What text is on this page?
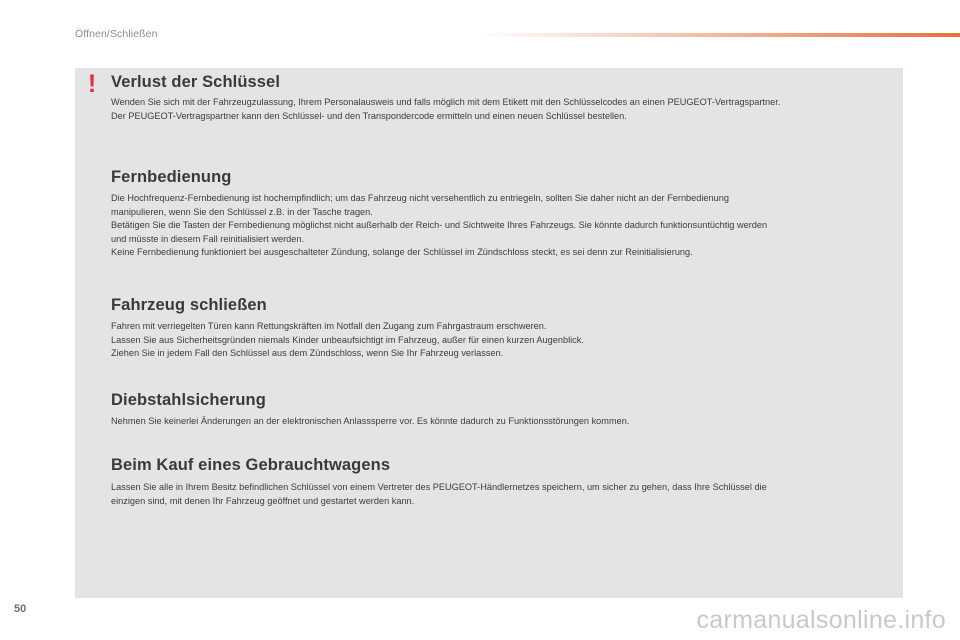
Öffnen/Schließen
! Verlust der Schlüssel
Wenden Sie sich mit der Fahrzeugzulassung, Ihrem Personalausweis und falls möglich mit dem Etikett mit den Schlüsselcodes an einen PEUGEOT-Vertragspartner.
Der PEUGEOT-Vertragspartner kann den Schlüssel- und den Transpondercode ermitteln und einen neuen Schlüssel bestellen.
Fernbedienung
Die Hochfrequenz-Fernbedienung ist hochempfindlich; um das Fahrzeug nicht versehentlich zu entriegeln, sollten Sie daher nicht an der Fernbedienung
manipulieren, wenn Sie den Schlüssel z.B. in der Tasche tragen.
Betätigen Sie die Tasten der Fernbedienung möglichst nicht außerhalb der Reich- und Sichtweite Ihres Fahrzeugs. Sie könnte dadurch funktionsuntüchtig werden
und müsste in diesem Fall reinitialisiert werden.
Keine Fernbedienung funktioniert bei ausgeschalteter Zündung, solange der Schlüssel im Zündschloss steckt, es sei denn zur Reinitialisierung.
Fahrzeug schließen
Fahren mit verriegelten Türen kann Rettungskräften im Notfall den Zugang zum Fahrgastraum erschweren.
Lassen Sie aus Sicherheitsgründen niemals Kinder unbeaufsichtigt im Fahrzeug, außer für einen kurzen Augenblick.
Ziehen Sie in jedem Fall den Schlüssel aus dem Zündschloss, wenn Sie Ihr Fahrzeug verlassen.
Diebstahlsicherung
Nehmen Sie keinerlei Änderungen an der elektronischen Anlasssperre vor. Es könnte dadurch zu Funktionsstörungen kommen.
Beim Kauf eines Gebrauchtwagens
Lassen Sie alle in Ihrem Besitz befindlichen Schlüssel von einem Vertreter des PEUGEOT-Händlernetzes speichern, um sicher zu gehen, dass Ihre Schlüssel die
einzigen sind, mit denen Ihr Fahrzeug geöffnet und gestartet werden kann.
50	carmanualsonline.info
